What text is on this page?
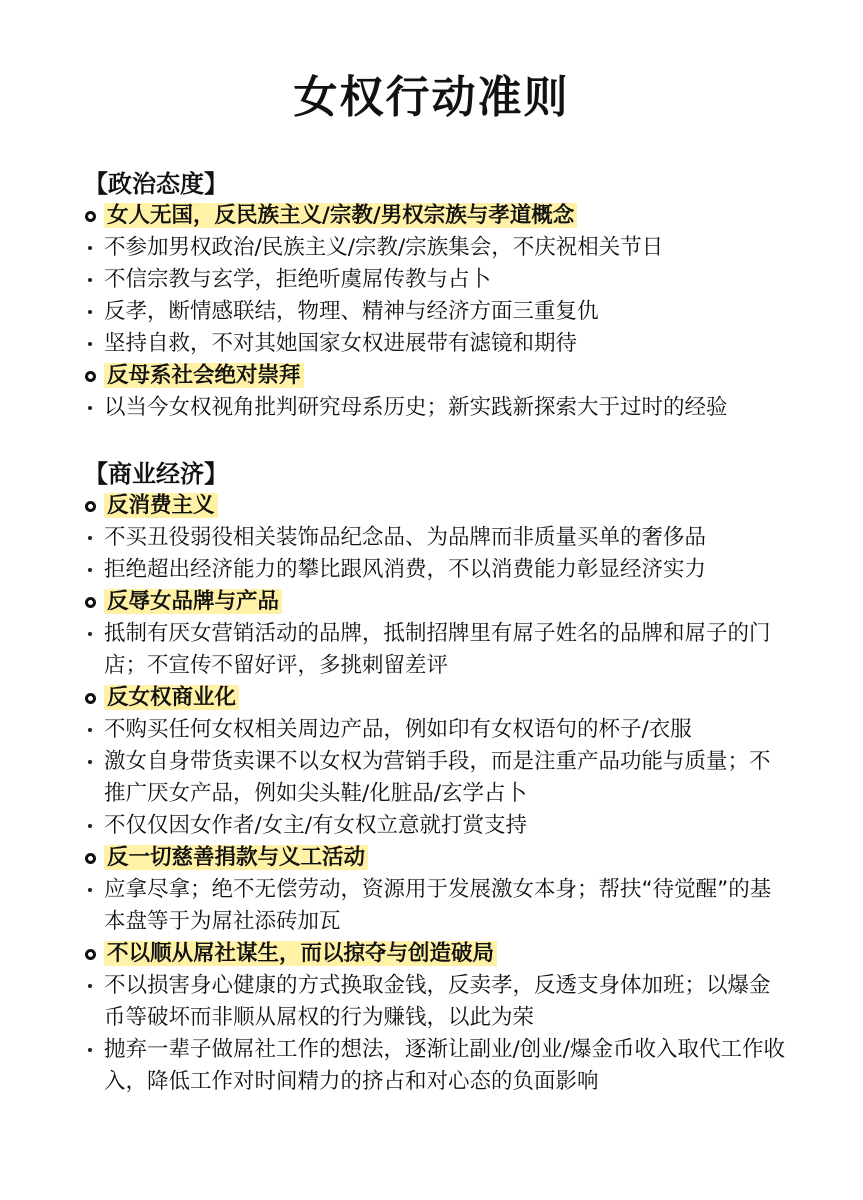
女权行动准则
【政治态度】
女人无国，反民族主义/宗教/男权宗族与孝道概念
不参加男权政治/民族主义/宗教/宗族集会，不庆祝相关节日
不信宗教与玄学，拒绝听虞屌传教与占卜
反孝，断情感联结，物理、精神与经济方面三重复仇
坚持自救，不对其她国家女权进展带有滤镜和期待
反母系社会绝对崇拜
以当今女权视角批判研究母系历史；新实践新探索大于过时的经验
【商业经济】
反消费主义
不买丑役弱役相关装饰品纪念品、为品牌而非质量买单的奢侈品
拒绝超出经济能力的攀比跟风消费，不以消费能力彰显经济实力
反辱女品牌与产品
抵制有厌女营销活动的品牌，抵制招牌里有屌子姓名的品牌和屌子的门店；不宣传不留好评，多挑刺留差评
反女权商业化
不购买任何女权相关周边产品，例如印有女权语句的杯子/衣服
激女自身带货卖课不以女权为营销手段，而是注重产品功能与质量；不推广厌女产品，例如尖头鞋/化脏品/玄学占卜
不仅仅因女作者/女主/有女权立意就打赏支持
反一切慈善捐款与义工活动
应拿尽拿；绝不无偿劳动，资源用于发展激女本身；帮扶“待觉醒”的基本盘等于为屌社添砖加瓦
不以顺从屌社谋生，而以掠夺与创造破局
不以损害身心健康的方式换取金钱，反卖孝，反透支身体加班；以爆金币等破坏而非顺从屌权的行为赚钱，以此为荣
抛弃一辈子做屌社工作的想法，逐渐让副业/创业/爆金币收入取代工作收入，降低工作对时间精力的挤占和对心态的负面影响
